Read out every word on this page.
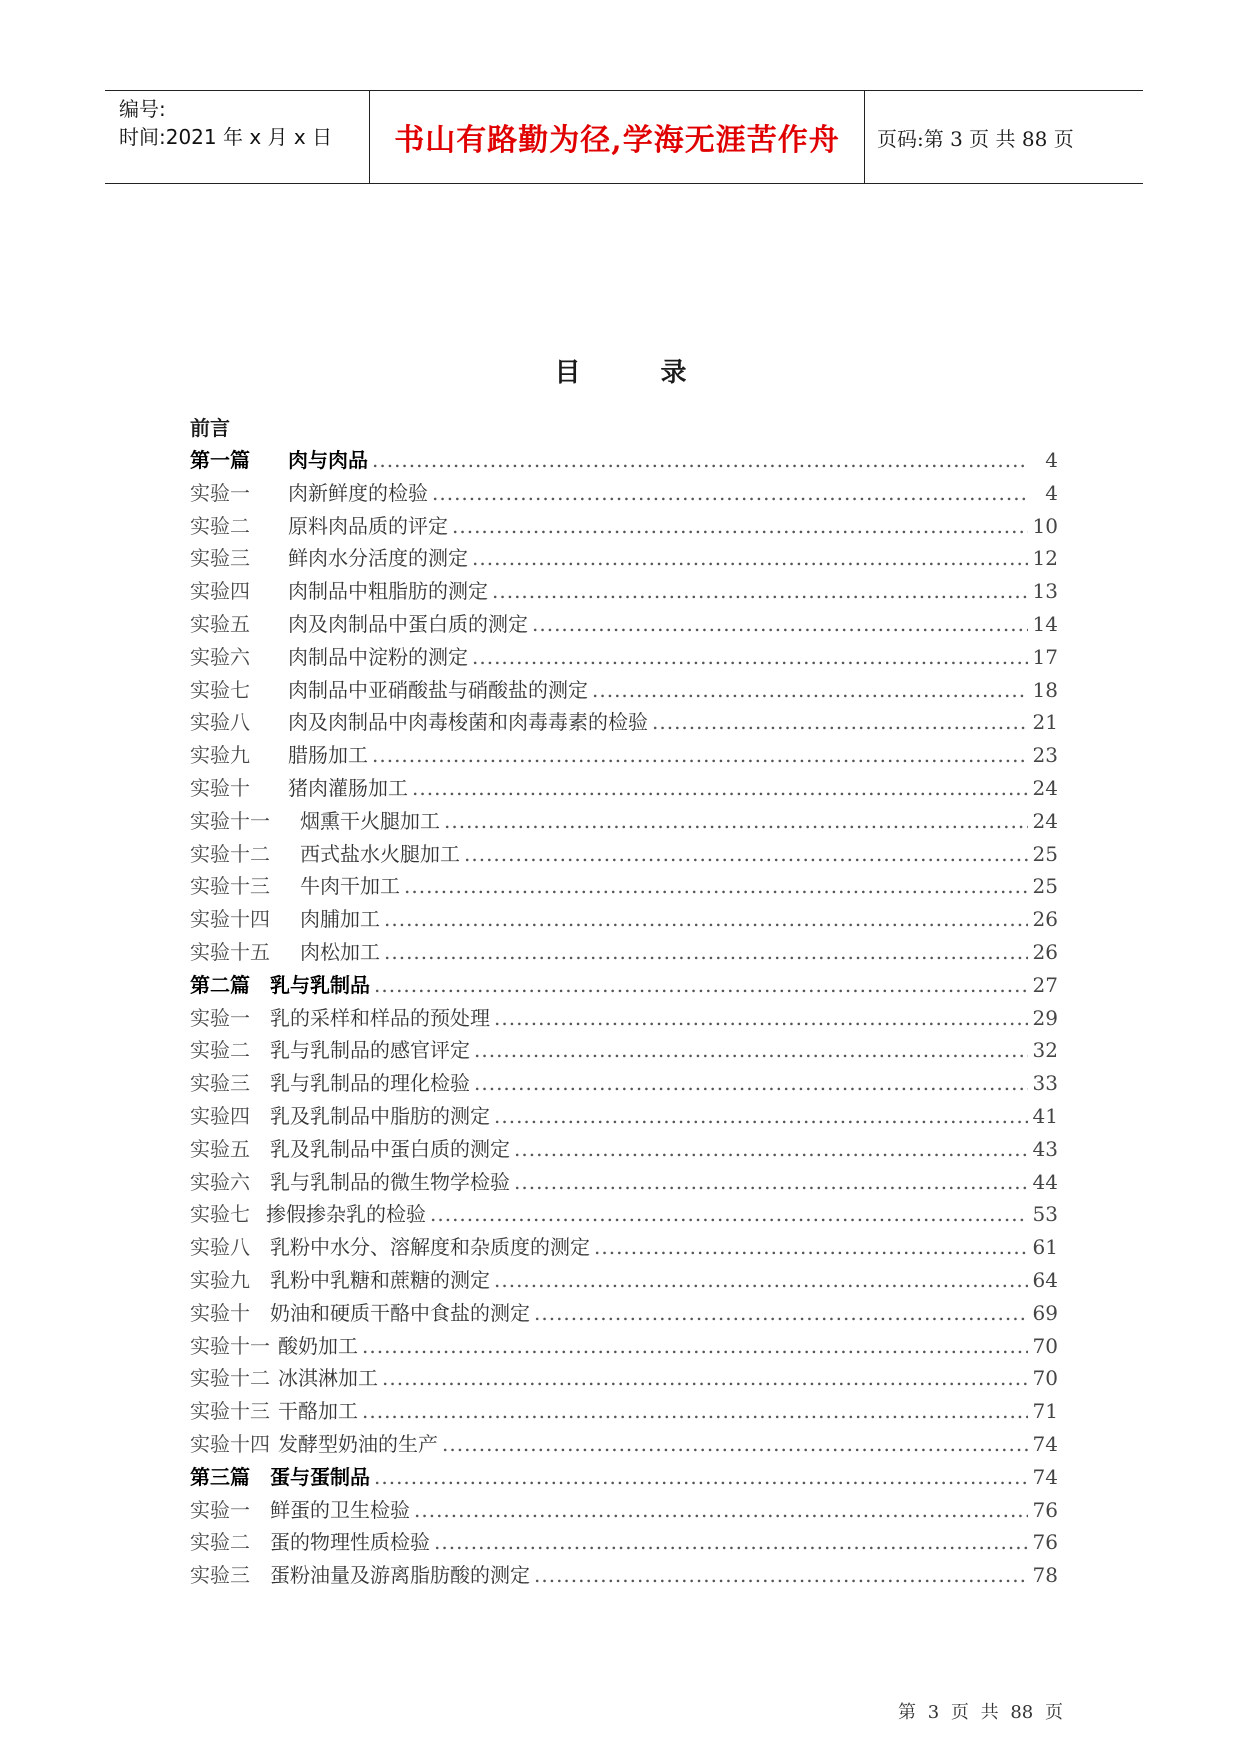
编号:
时间:2021 年 x 月 x 日 书山有路勤为径,学海无涯苦作舟 页码:第 3 页 共 88 页
目录
前言
第一篇	肉与肉品 .....	4
实验一	肉新鲜度的检验 .....	4
实验二	原料肉品质的评定 .....	10
实验三	鲜肉水分活度的测定 .....	12
实验四	肉制品中粗脂肪的测定 .....	13
实验五	肉及肉制品中蛋白质的测定 .....	14
实验六	肉制品中淀粉的测定 .....	17
实验七	肉制品中亚硝酸盐与硝酸盐的测定 .....	18
实验八	肉及肉制品中肉毒梭菌和肉毒毒素的检验 .....	21
实验九	腊肠加工 .....	23
实验十	猪肉灌肠加工 .....	24
实验十一	烟熏干火腿加工 .....	24
实验十二	西式盐水火腿加工 .....	25
实验十三	牛肉干加工 .....	25
实验十四	肉脯加工 .....	26
实验十五	肉松加工 .....	26
第二篇	乳与乳制品 .....	27
实验一	乳的采样和样品的预处理 .....	29
实验二	乳与乳制品的感官评定 .....	32
实验三	乳与乳制品的理化检验 .....	33
实验四	乳及乳制品中脂肪的测定 .....	41
实验五	乳及乳制品中蛋白质的测定 .....	43
实验六	乳与乳制品的微生物学检验 .....	44
实验七 掺假掺杂乳的检验 .....	53
实验八	乳粉中水分、溶解度和杂质度的测定 .....	61
实验九	乳粉中乳糖和蔗糖的测定 .....	64
实验十	奶油和硬质干酪中食盐的测定 .....	69
实验十一 酸奶加工 .....	70
实验十二 冰淇淋加工 .....	70
实验十三 干酪加工 .....	71
实验十四 发酵型奶油的生产 .....	74
第三篇	蛋与蛋制品 .....	74
实验一	鲜蛋的卫生检验 .....	76
实验二	蛋的物理性质检验 .....	76
实验三	蛋粉油量及游离脂肪酸的测定 .....	78
第 3 页 共 88 页
